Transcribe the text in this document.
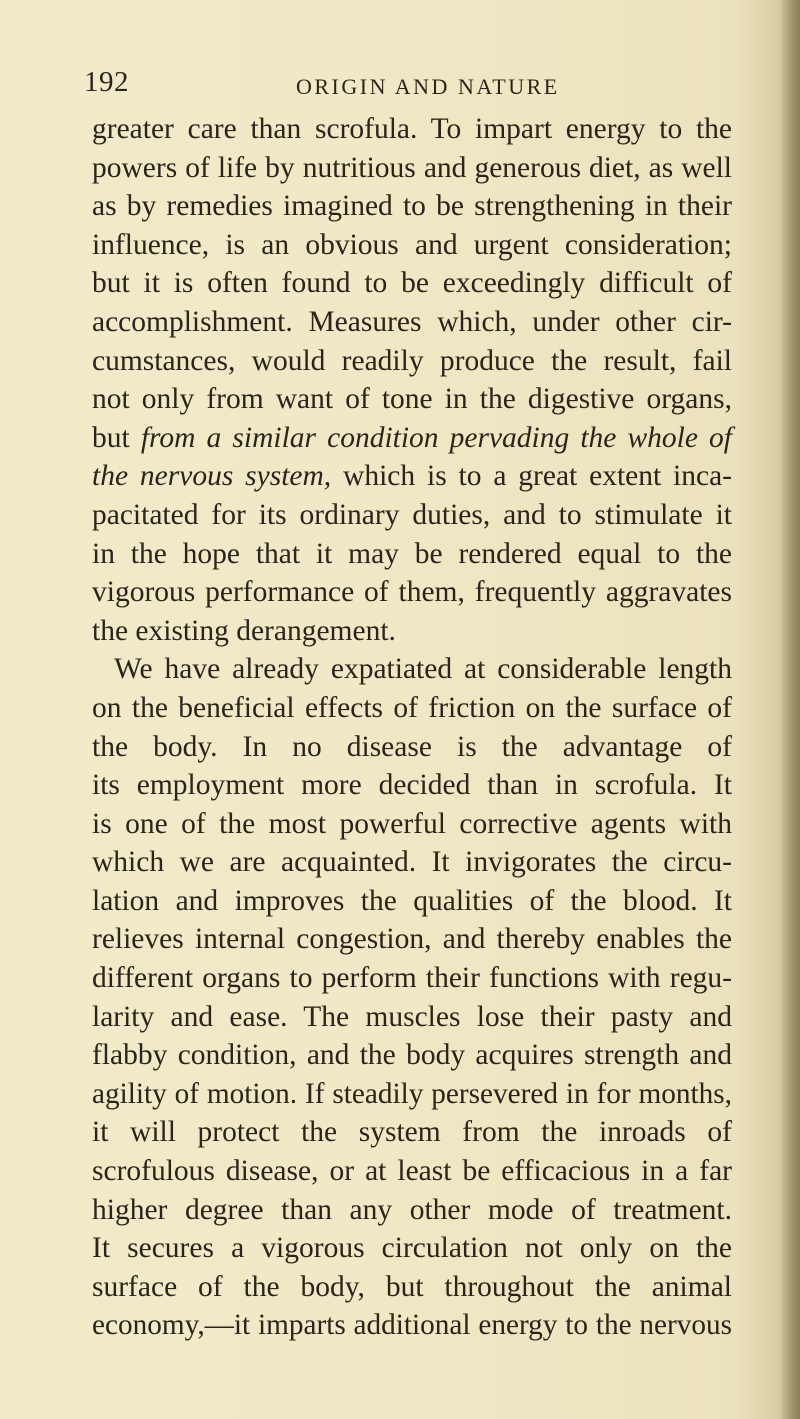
192	ORIGIN AND NATURE
greater care than scrofula. To impart energy to the
powers of life by nutritious and generous diet, as well
as by remedies imagined to be strengthening in their
influence, is an obvious and urgent consideration;
but it is often found to be exceedingly difficult of
accomplishment. Measures which, under other cir-
cumstances, would readily produce the result, fail
not only from want of tone in the digestive organs,
but from a similar condition pervading the whole of
the nervous system, which is to a great extent inca-
pacitated for its ordinary duties, and to stimulate it
in the hope that it may be rendered equal to the
vigorous performance of them, frequently aggravates
the existing derangement.
We have already expatiated at considerable length
on the beneficial effects of friction on the surface of
the body. In no disease is the advantage of
its employment more decided than in scrofula. It
is one of the most powerful corrective agents with
which we are acquainted. It invigorates the circu-
lation and improves the qualities of the blood. It
relieves internal congestion, and thereby enables the
different organs to perform their functions with regu-
larity and ease. The muscles lose their pasty and
flabby condition, and the body acquires strength and
agility of motion. If steadily persevered in for months,
it will protect the system from the inroads of
scrofulous disease, or at least be efficacious in a far
higher degree than any other mode of treatment.
It secures a vigorous circulation not only on the
surface of the body, but throughout the animal
economy,—it imparts additional energy to the nervous
